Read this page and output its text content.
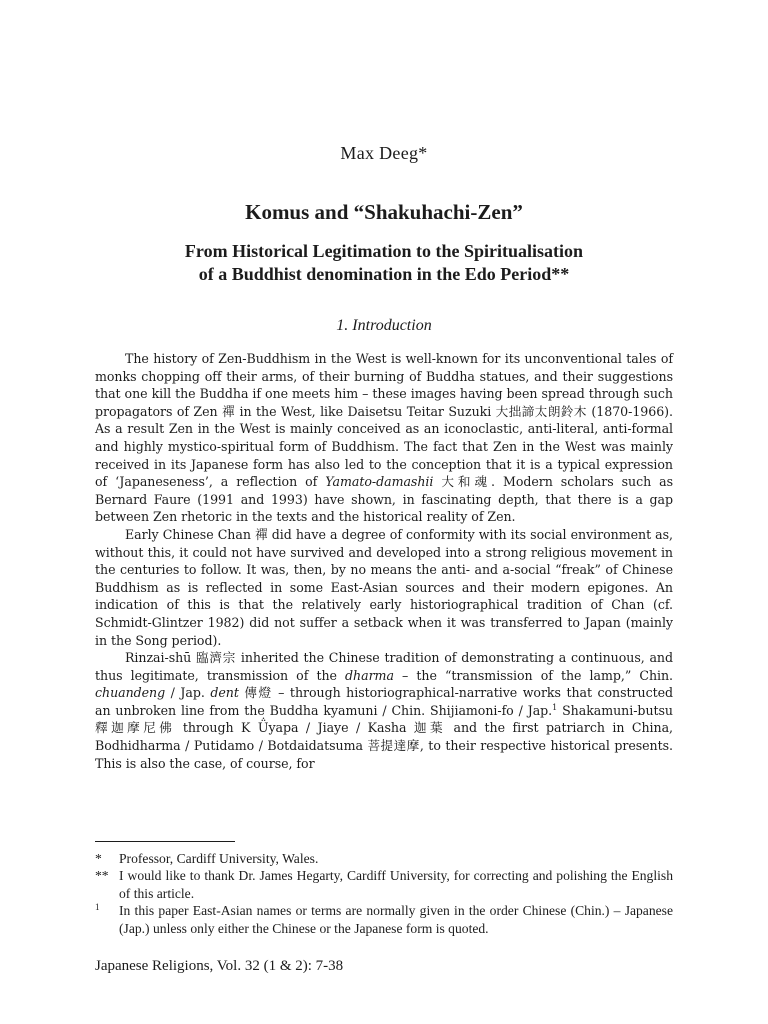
Max Deeg*
Komus and “Shakuhachi-Zen”
From Historical Legitimation to the Spiritualisation
of a Buddhist denomination in the Edo Period**
1. Introduction

The history of Zen-Buddhism in the West is well-known for its unconventional tales of monks chopping off their arms, of their burning of Buddha statues, and their suggestions that one kill the Buddha if one meets him – these images having been spread through such propagators of Zen 禪 in the West, like Daisetsu Teitar Suzuki 大拙諦太朗鈴木 (1870-1966). As a result Zen in the West is mainly conceived as an iconoclastic, anti-literal, anti-formal and highly mystico-spiritual form of Buddhism. The fact that Zen in the West was mainly received in its Japanese form has also led to the conception that it is a typical expression of ‘Japaneseness’, a reflection of Yamato-damashii 大和魂. Modern scholars such as Bernard Faure (1991 and 1993) have shown, in fascinating depth, that there is a gap between Zen rhetoric in the texts and the historical reality of Zen.

Early Chinese Chan 禪 did have a degree of conformity with its social environment as, without this, it could not have survived and developed into a strong religious movement in the centuries to follow. It was, then, by no means the anti- and a-social “freak” of Chinese Buddhism as is reflected in some East-Asian sources and their modern epigones. An indication of this is that the relatively early historiographical tradition of Chan (cf. Schmidt-Glintzer 1982) did not suffer a setback when it was transferred to Japan (mainly in the Song period).

Rinzai-shū 臨濟宗 inherited the Chinese tradition of demonstrating a continuous, and thus legitimate, transmission of the dharma – the “transmission of the lamp,” Chin. chuandeng / Jap. dent 傳燈 – through historiographical-narrative works that constructed an unbroken line from the Buddha kyamuni / Chin. Shijiamoni-fo / Jap.$^1$ Shakamuni-butsu 釋迦摩尼佛 through K Ü̇yapa / Jiaye / Kasha 迦葉 and the first patriarch in China, Bodhidharma / Putidamo / Botdaidatsuma 菩提達摩, to their respective historical presents. This is also the case, of course, for

* Professor, Cardiff University, Wales.
** I would like to thank Dr. James Hegarty, Cardiff University, for correcting and polishing the English of this article.
1 In this paper East-Asian names or terms are normally given in the order Chinese (Chin.) – Japanese (Jap.) unless only either the Chinese or the Japanese form is quoted.
Japanese Religions, Vol. 32 (1 & 2): 7-38
